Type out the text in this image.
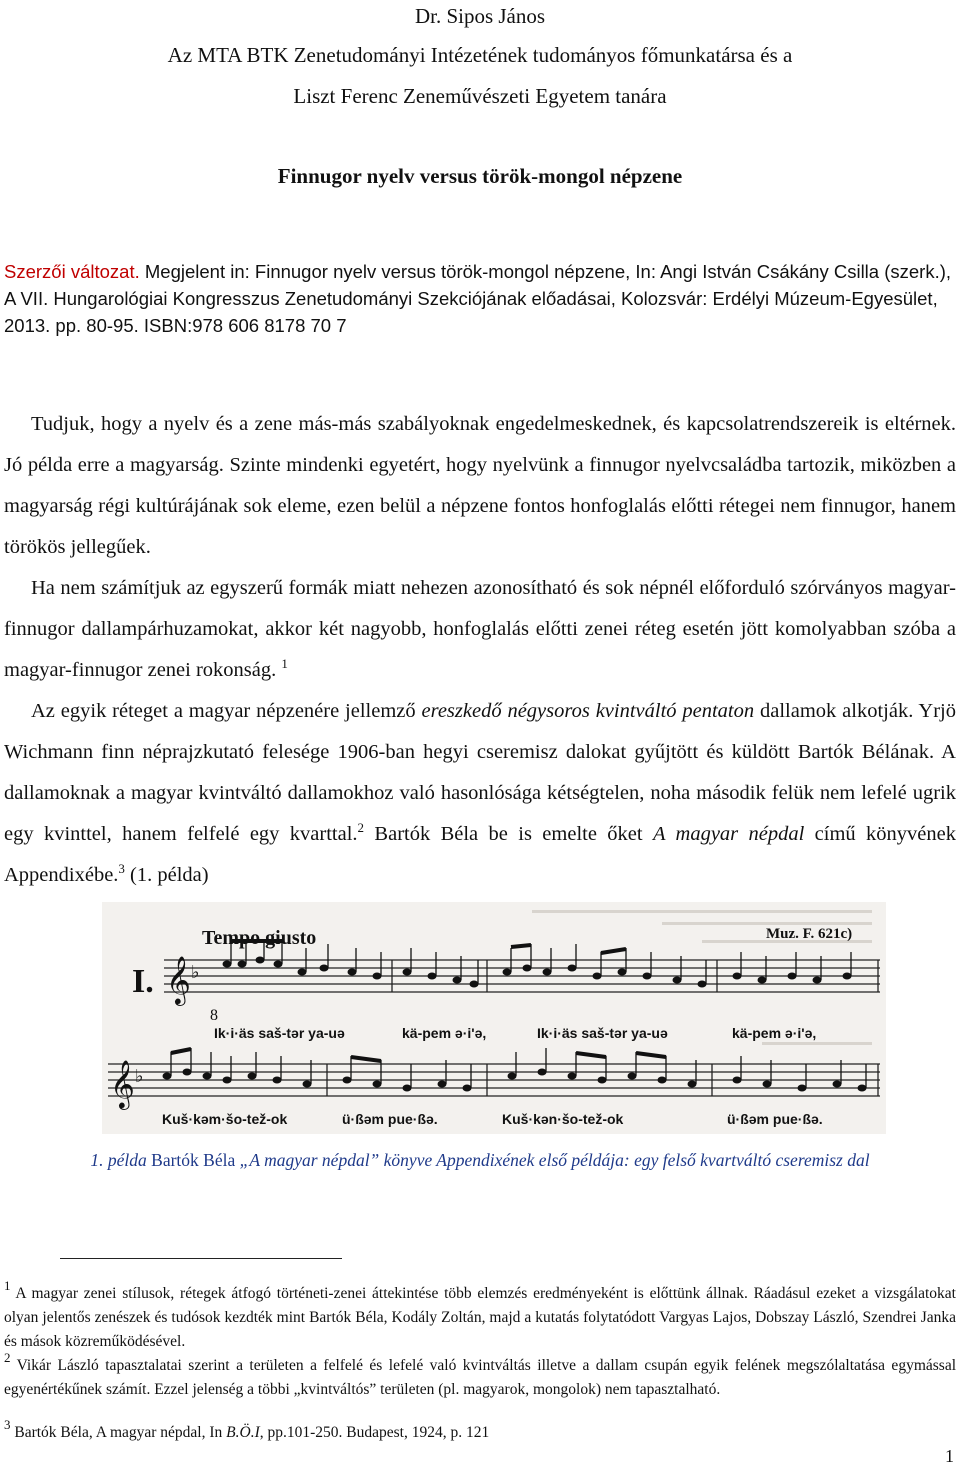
Dr. Sipos János
Az MTA BTK Zenetudományi Intézetének tudományos főmunkatársa és a
Liszt Ferenc Zeneművészeti Egyetem tanára
Finnugor nyelv versus török-mongol népzene
Szerzői változat. Megjelent in: Finnugor nyelv versus török-mongol népzene, In: Angi István Csákány Csilla (szerk.), A VII. Hungarológiai Kongresszus Zenetudományi Szekciójának előadásai, Kolozsvár: Erdélyi Múzeum-Egyesület, 2013. pp. 80-95. ISBN:978 606 8178 70 7

Tudjuk, hogy a nyelv és a zene más-más szabályoknak engedelmeskednek, és kapcsolatrendszereik is eltérnek. Jó példa erre a magyarság. Szinte mindenki egyetért, hogy nyelvünk a finnugor nyelvcsaládba tartozik, miközben a magyarság régi kultúrájának sok eleme, ezen belül a népzene fontos honfoglalás előtti rétegei nem finnugor, hanem törökös jellegűek.

Ha nem számítjuk az egyszerű formák miatt nehezen azonosítható és sok népnél előforduló szórványos magyar-finnugor dallampárhuzamokat, akkor két nagyobb, honfoglalás előtti zenei réteg esetén jött komolyabban szóba a magyar-finnugor zenei rokonság. $^1$

Az egyik réteget a magyar népzenére jellemző ereszkedő négysoros kvintváltó pentaton dallamok alkotják. Yrjö Wichmann finn néprajzkutató felesége 1906-ban hegyi cseremisz dalokat gyűjtött és küldött Bartók Bélának. A dallamoknak a magyar kvintváltó dallamokhoz való hasonlósága kétségtelen, noha második felük nem lefelé ugrik egy kvinttel, hanem felfelé egy kvarttal.$^2$ Bartók Béla be is emelte őket A magyar népdal című könyvének Appendixébe.$^3$ (1. példa)

Tempo giusto	Muz. F. 621c)
I. 𝄞 ♭
8
Ik·i·äs saš-tər ya-uə	kä-pem ə·i'ə,	Ik·i·äs saš-tər ya-uə	kä-pem ə·i'ə,
𝄞 ♭
Kuš·kəm·šo-tež-ok	ü·ßəm pue·ßə.	Kuš·kən·šo-tež-ok	ü·ßəm pue·ßə.
1. példa Bartók Béla „A magyar népdal” könyve Appendixének első példája: egy felső kvartváltó cseremisz dal

$^1$ A magyar zenei stílusok, rétegek átfogó történeti-zenei áttekintése több elemzés eredményeként is előttünk állnak. Ráadásul ezeket a vizsgálatokat olyan jelentős zenészek és tudósok kezdték mint Bartók Béla, Kodály Zoltán, majd a kutatás folytatódott Vargyas Lajos, Dobszay László, Szendrei Janka és mások közreműködésével.

$^2$ Vikár László tapasztalatai szerint a területen a felfelé és lefelé való kvintváltás illetve a dallam csupán egyik felének megszólaltatása egymással egyenértékűnek számít. Ezzel jelenség a többi „kvintváltós” területen (pl. magyarok, mongolok) nem tapasztalható.

$^3$ Bartók Béla, A magyar népdal, In B.Ö.I, pp.101-250. Budapest, 1924, p. 121

1
